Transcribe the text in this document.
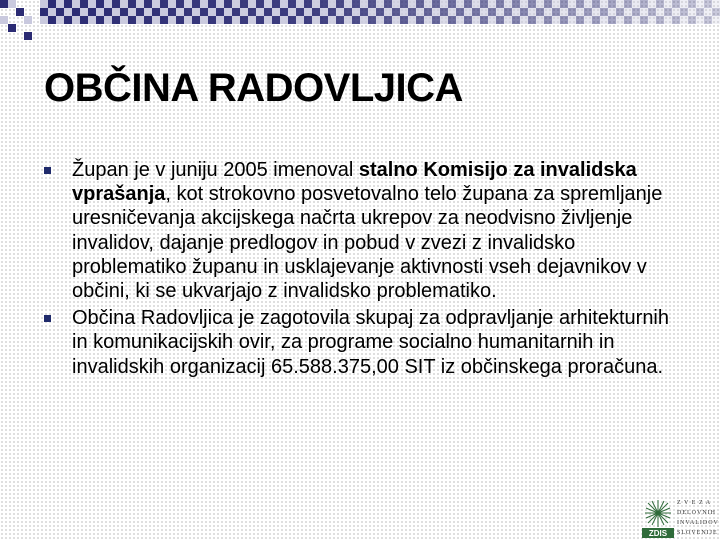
OBČINA RADOVLJICA
Župan je v juniju 2005 imenoval stalno Komisijo za invalidska vprašanja, kot strokovno posvetovalno telo župana za spremljanje uresničevanja akcijskega načrta ukrepov za neodvisno življenje invalidov, dajanje predlogov in pobud v zvezi z invalidsko problematiko županu in usklajevanje aktivnosti vseh dejavnikov v občini, ki se ukvarjajo z invalidsko problematiko.
Občina Radovljica je zagotovila skupaj za odpravljanje arhitekturnih in komunikacijskih ovir, za programe socialno humanitarnih in invalidskih organizacij 65.588.375,00 SIT iz občinskega proračuna.
ZDIS
Z V E Z A
DELOVNIH
INVALIDOV
SLOVENIJE
